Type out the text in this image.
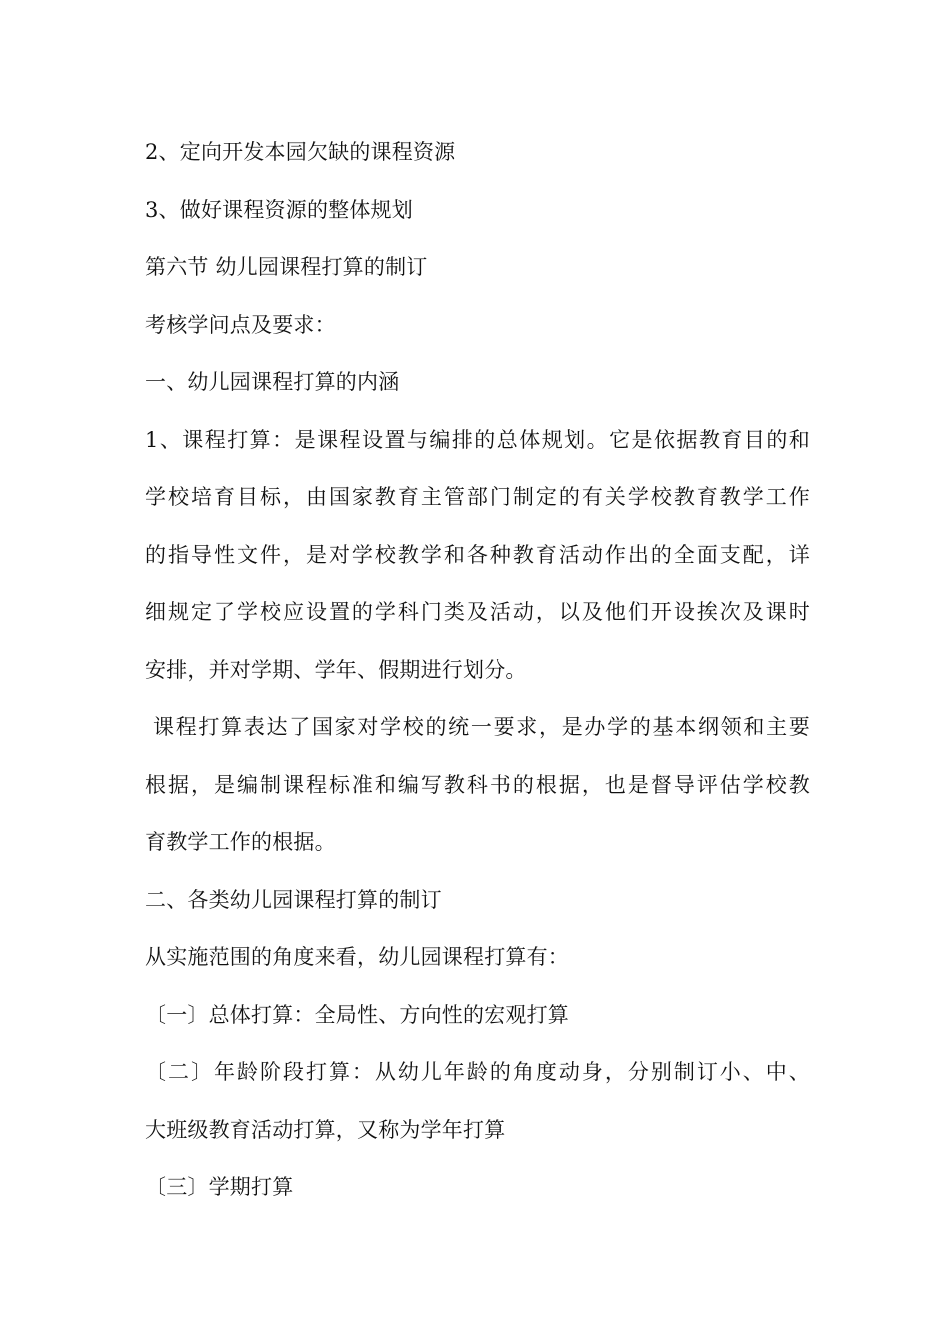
2、定向开发本园欠缺的课程资源
3、做好课程资源的整体规划
第六节 幼儿园课程打算的制订
考核学问点及要求：
一、幼儿园课程打算的内涵
1、课程打算：是课程设置与编排的总体规划。它是依据教育目的和
学校培育目标，由国家教育主管部门制定的有关学校教育教学工作
的指导性文件，是对学校教学和各种教育活动作出的全面支配，详
细规定了学校应设置的学科门类及活动，以及他们开设挨次及课时
安排，并对学期、学年、假期进行划分。
课程打算表达了国家对学校的统一要求，是办学的基本纲领和主要
根据，是编制课程标准和编写教科书的根据，也是督导评估学校教
育教学工作的根据。
二、各类幼儿园课程打算的制订
从实施范围的角度来看，幼儿园课程打算有：
〔一〕总体打算：全局性、方向性的宏观打算
〔二〕年龄阶段打算：从幼儿年龄的角度动身，分别制订小、中、
大班级教育活动打算，又称为学年打算
〔三〕学期打算
